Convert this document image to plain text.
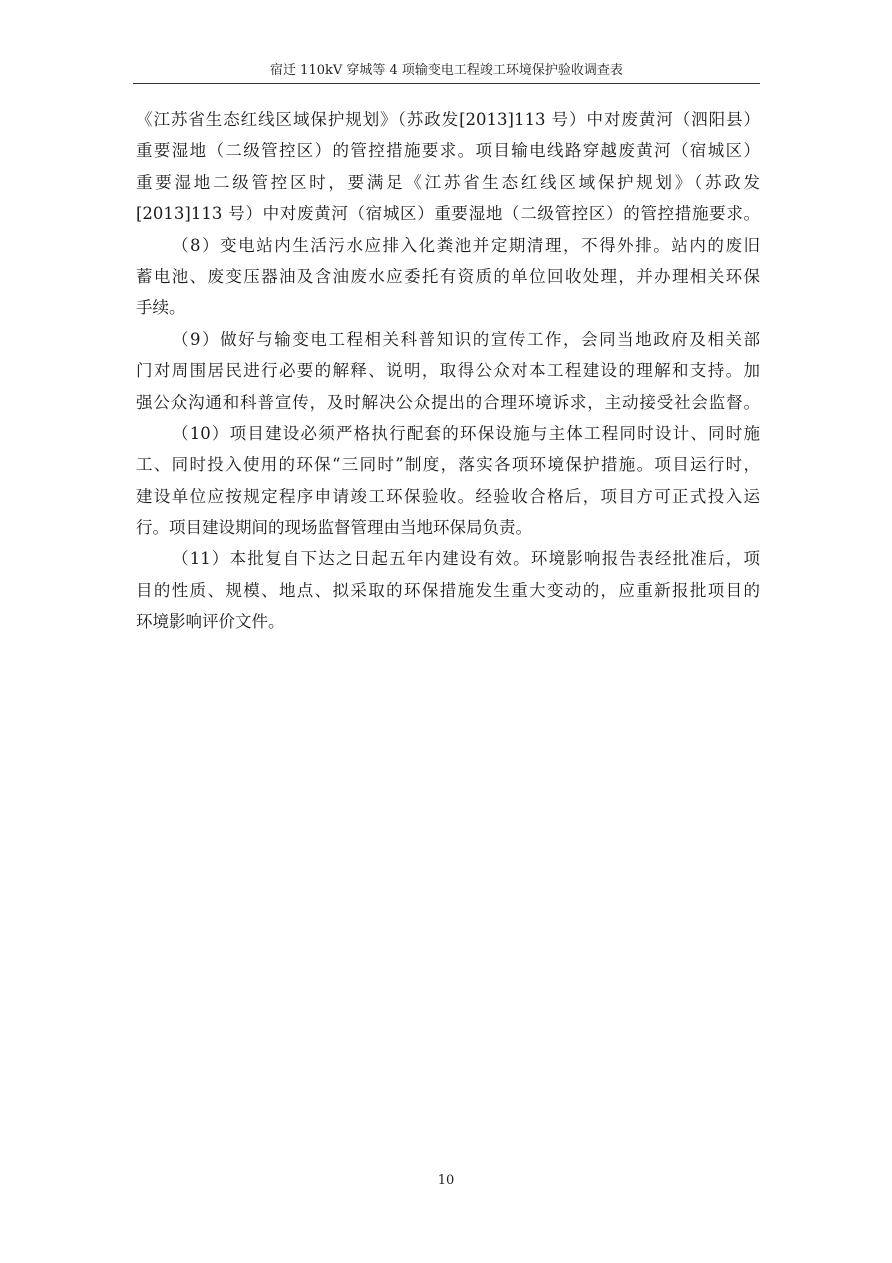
宿迁 110kV 穿城等 4 项输变电工程竣工环境保护验收调查表
《江苏省生态红线区域保护规划》（苏政发[2013]113 号）中对废黄河（泗阳县）
重要湿地（二级管控区）的管控措施要求。项目输电线路穿越废黄河（宿城区）
重要湿地二级管控区时，要满足《江苏省生态红线区域保护规划》（苏政发
[2013]113 号）中对废黄河（宿城区）重要湿地（二级管控区）的管控措施要求。
（8）变电站内生活污水应排入化粪池并定期清理，不得外排。站内的废旧
蓄电池、废变压器油及含油废水应委托有资质的单位回收处理，并办理相关环保
手续。
（9）做好与输变电工程相关科普知识的宣传工作，会同当地政府及相关部
门对周围居民进行必要的解释、说明，取得公众对本工程建设的理解和支持。加
强公众沟通和科普宣传，及时解决公众提出的合理环境诉求，主动接受社会监督。
（10）项目建设必须严格执行配套的环保设施与主体工程同时设计、同时施
工、同时投入使用的环保“三同时”制度，落实各项环境保护措施。项目运行时，
建设单位应按规定程序申请竣工环保验收。经验收合格后，项目方可正式投入运
行。项目建设期间的现场监督管理由当地环保局负责。
（11）本批复自下达之日起五年内建设有效。环境影响报告表经批准后，项
目的性质、规模、地点、拟采取的环保措施发生重大变动的，应重新报批项目的
环境影响评价文件。
10
